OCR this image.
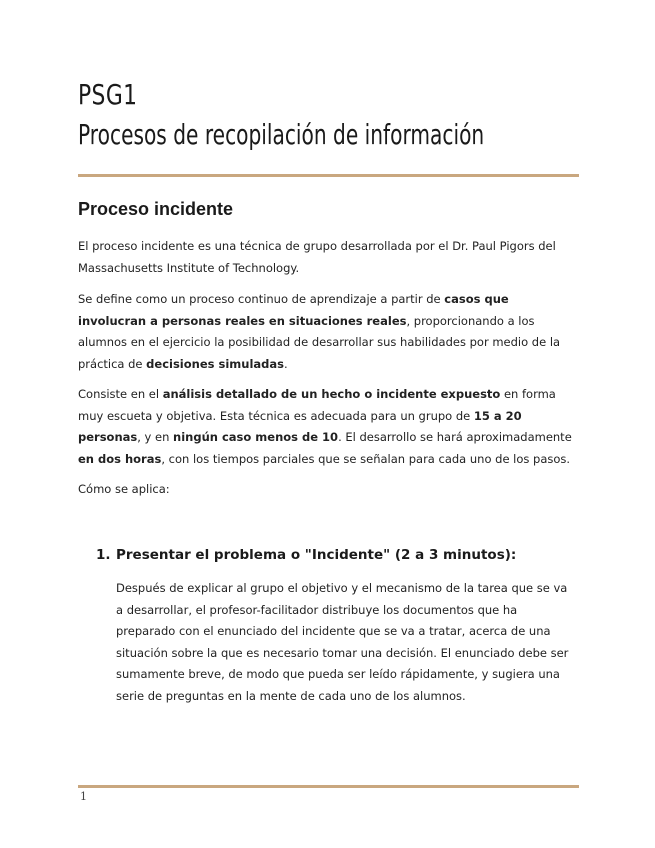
PSG1
Procesos de recopilación de información
Proceso incidente

El proceso incidente es una técnica de grupo desarrollada por el Dr. Paul Pigors del Massachusetts Institute of Technology.

Se define como un proceso continuo de aprendizaje a partir de casos que involucran a personas reales en situaciones reales, proporcionando a los alumnos en el ejercicio la posibilidad de desarrollar sus habilidades por medio de la práctica de decisiones simuladas.

Consiste en el análisis detallado de un hecho o incidente expuesto en forma muy escueta y objetiva. Esta técnica es adecuada para un grupo de 15 a 20 personas, y en ningún caso menos de 10. El desarrollo se hará aproximadamente en dos horas, con los tiempos parciales que se señalan para cada uno de los pasos.

Cómo se aplica:

1. Presentar el problema o "Incidente" (2 a 3 minutos):

Después de explicar al grupo el objetivo y el mecanismo de la tarea que se va a desarrollar, el profesor-facilitador distribuye los documentos que ha preparado con el enunciado del incidente que se va a tratar, acerca de una situación sobre la que es necesario tomar una decisión. El enunciado debe ser sumamente breve, de modo que pueda ser leído rápidamente, y sugiera una serie de preguntas en la mente de cada uno de los alumnos.

1
